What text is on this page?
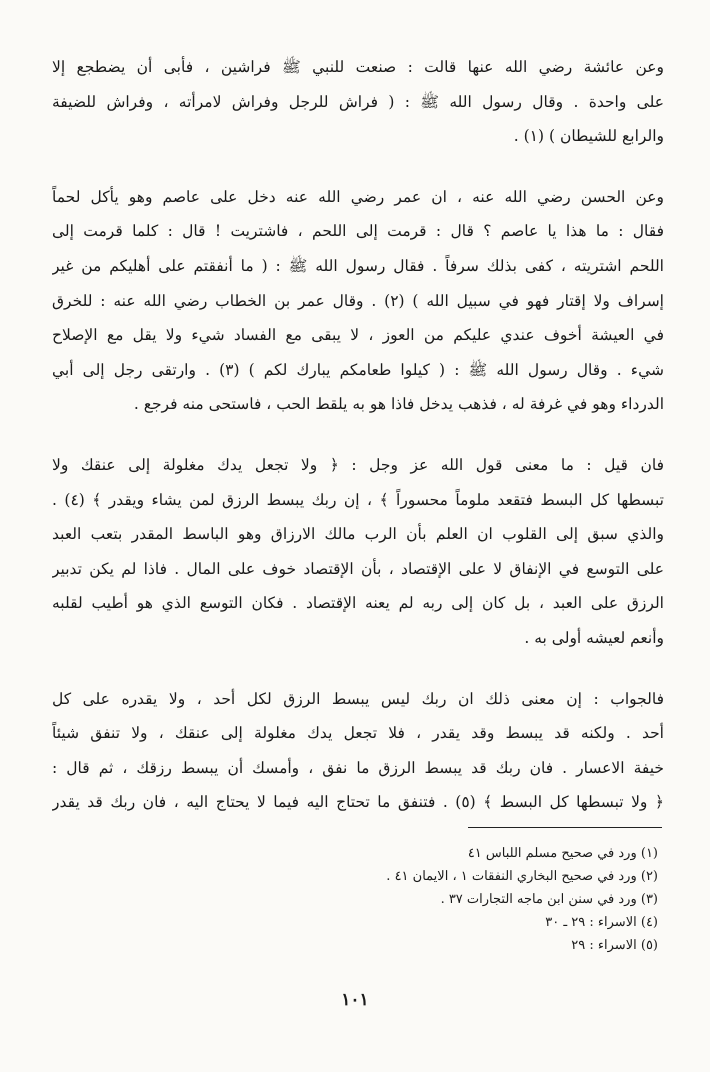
وعن عائشة رضي الله عنها قالت : صنعت للنبي ﷺ فراشين ، فأبى أن يضطجع إلا
على واحدة . وقال رسول الله ﷺ : ( فراش للرجل وفراش لامرأته ، وفراش للضيفة
والرابع للشيطان ) (١) .

وعن الحسن رضي الله عنه ، ان عمر رضي الله عنه دخل على عاصم وهو يأكل لحماً
فقال : ما هذا يا عاصم ؟ قال : قرمت إلى اللحم ، فاشتريت ! قال : كلما قرمت إلى
اللحم اشتريته ، كفى بذلك سرفاً . فقال رسول الله ﷺ : ( ما أنفقتم على أهليكم من غير
إسراف ولا إقتار فهو في سبيل الله ) (٢) . وقال عمر بن الخطاب رضي الله عنه : للخرق
في العيشة أخوف عندي عليكم من العوز ، لا يبقى مع الفساد شيء ولا يقل مع الإصلاح
شيء . وقال رسول الله ﷺ : ( كيلوا طعامكم يبارك لكم ) (٣) . وارتقى رجل إلى أبي
الدرداء وهو في غرفة له ، فذهب يدخل فاذا هو به يلقط الحب ، فاستحى منه فرجع .

فان قيل : ما معنى قول الله عز وجل : ﴿ ولا تجعل يدك مغلولة إلى عنقك ولا
تبسطها كل البسط فتقعد ملوماً محسوراً ﴾ ، إن ربك يبسط الرزق لمن يشاء ويقدر ﴾ (٤) .
والذي سبق إلى القلوب ان العلم بأن الرب مالك الارزاق وهو الباسط المقدر بتعب العبد
على التوسع في الإنفاق لا على الإقتصاد ، بأن الإقتصاد خوف على المال . فاذا لم يكن تدبير
الرزق على العبد ، بل كان إلى ربه لم يعنه الإقتصاد . فكان التوسع الذي هو أطيب لقلبه
وأنعم لعيشه أولى به .

فالجواب : إن معنى ذلك ان ربك ليس يبسط الرزق لكل أحد ، ولا يقدره على كل
أحد . ولكنه قد يبسط وقد يقدر ، فلا تجعل يدك مغلولة إلى عنقك ، ولا تنفق شيئاً
خيفة الاعسار . فان ربك قد يبسط الرزق ما نفق ، وأمسك أن يبسط رزقك ، ثم قال :
﴿ ولا تبسطها كل البسط ﴾ (٥) . فتنفق ما تحتاج اليه فيما لا يحتاج اليه ، فان ربك قد يقدر

(١) ورد في صحيح مسلم اللباس ٤١
(٢) ورد في صحيح البخاري النفقات ١ ، الايمان ٤١ .
(٣) ورد في سنن ابن ماجه التجارات ٣٧ .
(٤) الاسراء : ٢٩ ـ ٣٠
(٥) الاسراء : ٢٩
١٠١
